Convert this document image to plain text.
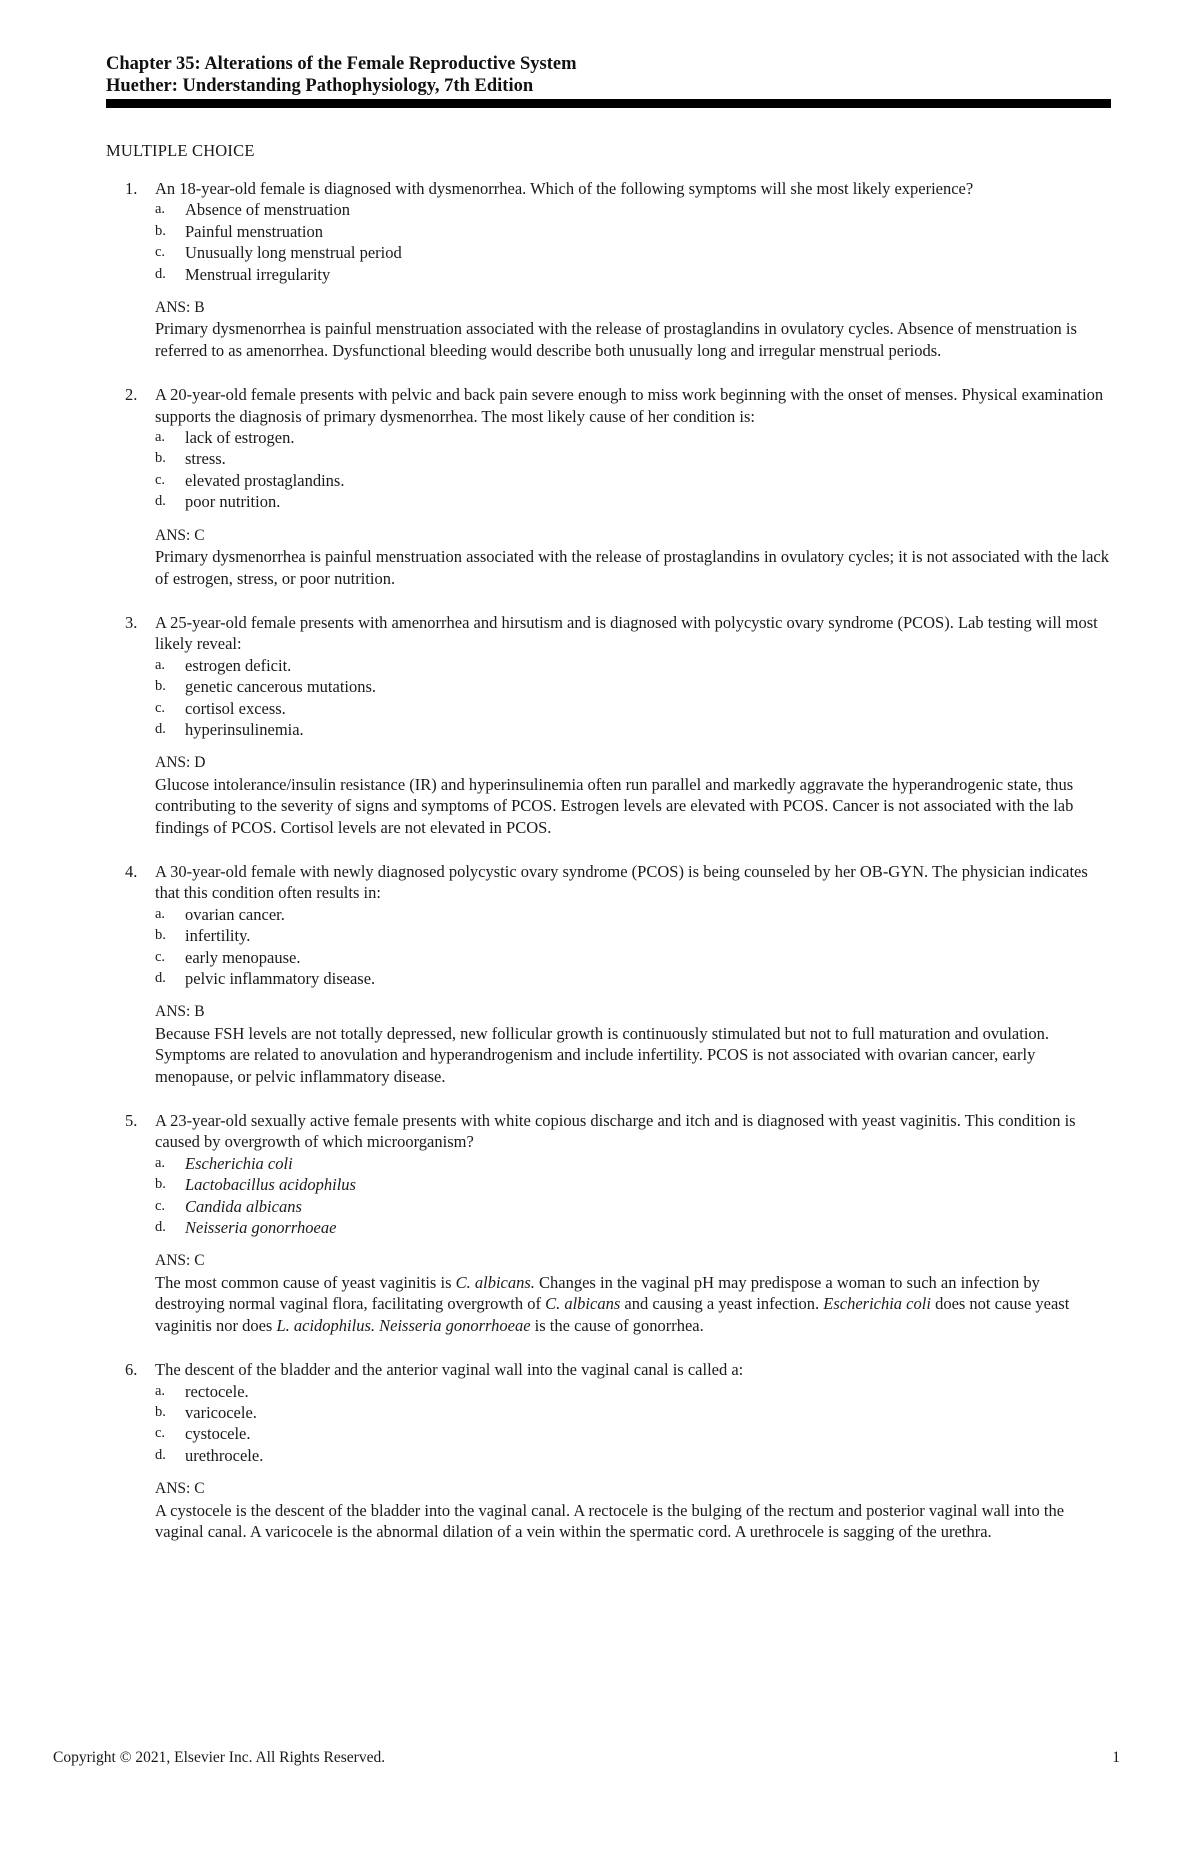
Chapter 35: Alterations of the Female Reproductive System
Huether: Understanding Pathophysiology, 7th Edition
MULTIPLE CHOICE
1. An 18-year-old female is diagnosed with dysmenorrhea. Which of the following symptoms will she most likely experience?

a. Absence of menstruation
b. Painful menstruation
c. Unusually long menstrual period
d. Menstrual irregularity
ANS: B

Primary dysmenorrhea is painful menstruation associated with the release of prostaglandins in ovulatory cycles. Absence of menstruation is referred to as amenorrhea. Dysfunctional bleeding would describe both unusually long and irregular menstrual periods.

2. A 20-year-old female presents with pelvic and back pain severe enough to miss work beginning with the onset of menses. Physical examination supports the diagnosis of primary dysmenorrhea. The most likely cause of her condition is:

a. lack of estrogen.
b. stress.
c. elevated prostaglandins.
d. poor nutrition.
ANS: C

Primary dysmenorrhea is painful menstruation associated with the release of prostaglandins in ovulatory cycles; it is not associated with the lack of estrogen, stress, or poor nutrition.

3. A 25-year-old female presents with amenorrhea and hirsutism and is diagnosed with polycystic ovary syndrome (PCOS). Lab testing will most likely reveal:

a. estrogen deficit.
b. genetic cancerous mutations.
c. cortisol excess.
d. hyperinsulinemia.
ANS: D

Glucose intolerance/insulin resistance (IR) and hyperinsulinemia often run parallel and markedly aggravate the hyperandrogenic state, thus contributing to the severity of signs and symptoms of PCOS. Estrogen levels are elevated with PCOS. Cancer is not associated with the lab findings of PCOS. Cortisol levels are not elevated in PCOS.

4. A 30-year-old female with newly diagnosed polycystic ovary syndrome (PCOS) is being counseled by her OB-GYN. The physician indicates that this condition often results in:

a. ovarian cancer.
b. infertility.
c. early menopause.
d. pelvic inflammatory disease.
ANS: B

Because FSH levels are not totally depressed, new follicular growth is continuously stimulated but not to full maturation and ovulation. Symptoms are related to anovulation and hyperandrogenism and include infertility. PCOS is not associated with ovarian cancer, early menopause, or pelvic inflammatory disease.

5. A 23-year-old sexually active female presents with white copious discharge and itch and is diagnosed with yeast vaginitis. This condition is caused by overgrowth of which microorganism?

a. Escherichia coli
b. Lactobacillus acidophilus
c. Candida albicans
d. Neisseria gonorrhoeae
ANS: C

The most common cause of yeast vaginitis is C. albicans. Changes in the vaginal pH may predispose a woman to such an infection by destroying normal vaginal flora, facilitating overgrowth of C. albicans and causing a yeast infection. Escherichia coli does not cause yeast vaginitis nor does L. acidophilus. Neisseria gonorrhoeae is the cause of gonorrhea.

6. The descent of the bladder and the anterior vaginal wall into the vaginal canal is called a:

a. rectocele.
b. varicocele.
c. cystocele.
d. urethrocele.
ANS: C

A cystocele is the descent of the bladder into the vaginal canal. A rectocele is the bulging of the rectum and posterior vaginal wall into the vaginal canal. A varicocele is the abnormal dilation of a vein within the spermatic cord. A urethrocele is sagging of the urethra.

Copyright © 2021, Elsevier Inc. All Rights Reserved.	1
